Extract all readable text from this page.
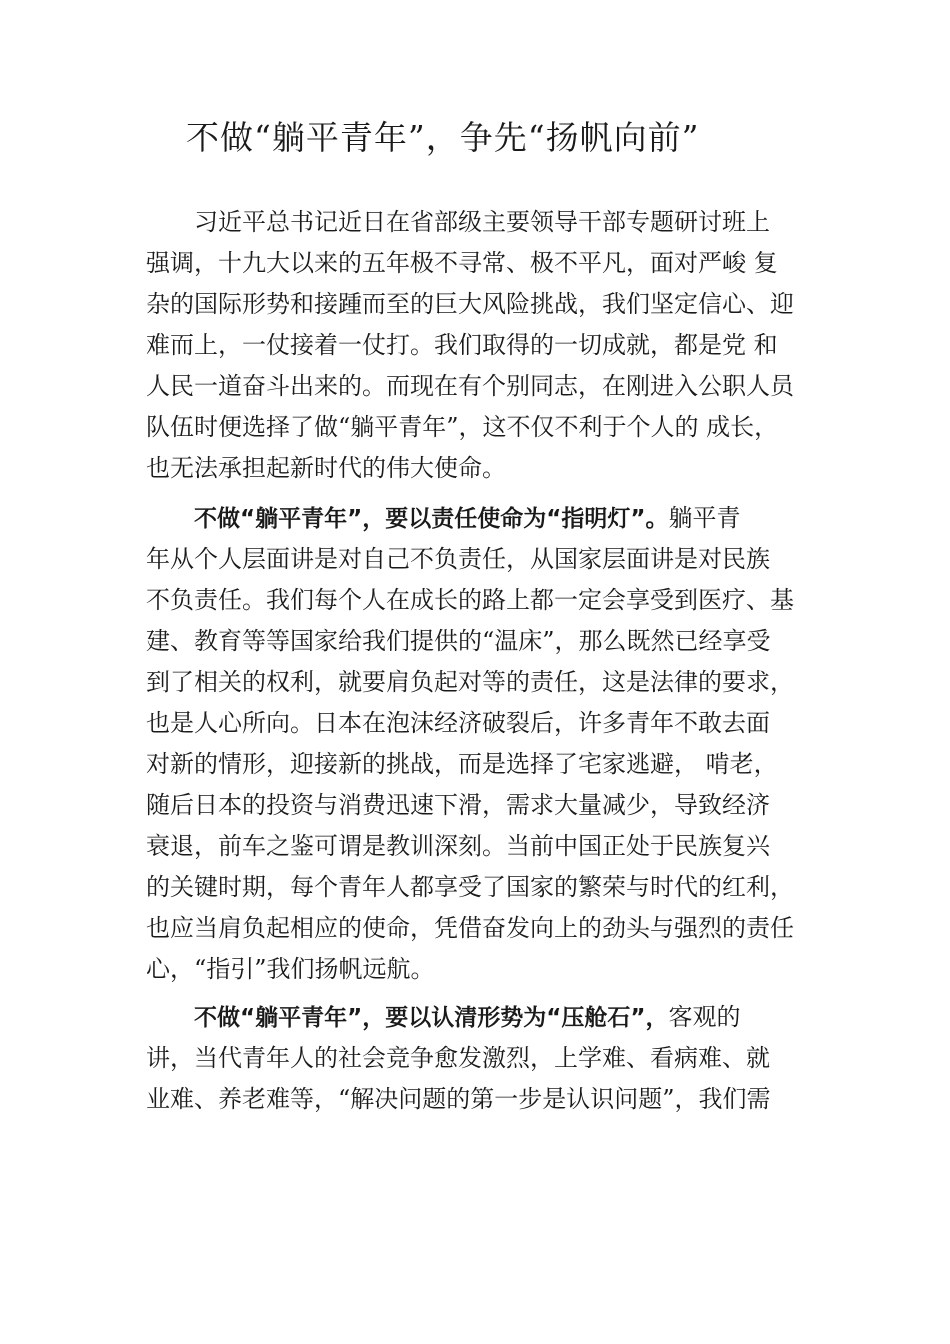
不做“躺平青年”，争先“扬帆向前”
习近平总书记近日在省部级主要领导干部专题研讨班上
强调，十九大以来的五年极不寻常、极不平凡，面对严峻 复
杂的国际形势和接踵而至的巨大风险挑战，我们坚定信心、迎
难而上，一仗接着一仗打。我们取得的一切成就，都是党 和
人民一道奋斗出来的。而现在有个别同志，在刚进入公职人员
队伍时便选择了做“躺平青年”，这不仅不利于个人的 成长，
也无法承担起新时代的伟大使命。
不做“躺平青年”，要以责任使命为“指明灯”。躺平青
年从个人层面讲是对自己不负责任，从国家层面讲是对民族
不负责任。我们每个人在成长的路上都一定会享受到医疗、基
建、教育等等国家给我们提供的“温床”，那么既然已经享受
到了相关的权利，就要肩负起对等的责任，这是法律的要求，
也是人心所向。日本在泡沫经济破裂后，许多青年不敢去面
对新的情形，迎接新的挑战，而是选择了宅家逃避， 啃老，
随后日本的投资与消费迅速下滑，需求大量减少，导致经济
衰退，前车之鉴可谓是教训深刻。当前中国正处于民族复兴
的关键时期，每个青年人都享受了国家的繁荣与时代的红利，
也应当肩负起相应的使命，凭借奋发向上的劲头与强烈的责任
心，“指引”我们扬帆远航。
不做“躺平青年”，要以认清形势为“压舱石”，客观的
讲，当代青年人的社会竞争愈发激烈，上学难、看病难、就
业难、养老难等，“解决问题的第一步是认识问题”，我们需
